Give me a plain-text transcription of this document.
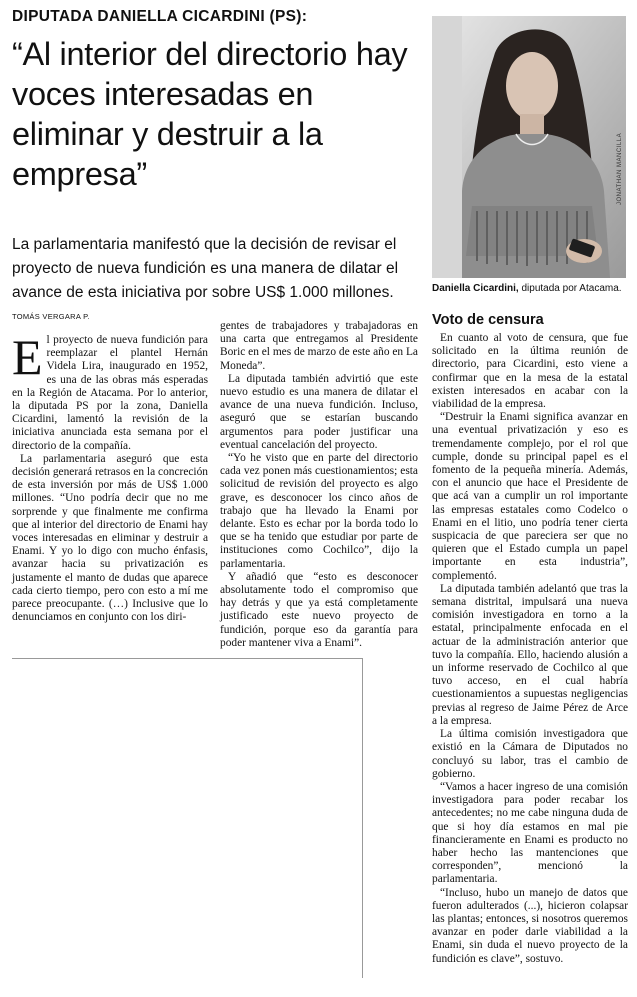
DIPUTADA DANIELLA CICARDINI (PS):
“Al interior del directorio hay voces interesadas en eliminar y destruir a la empresa”
La parlamentaria manifestó que la decisión de revisar el proyecto de nueva fundición es una manera de dilatar el avance de esta iniciativa por sobre US$ 1.000 millones.
TOMÁS VERGARA P.
JONATHAN MANCILLA
Daniella Cicardini, diputada por Atacama.

El proyecto de nueva fundición para reemplazar el plantel Hernán Videla Lira, inaugurado en 1952, es una de las obras más esperadas en la Región de Atacama. Por lo anterior, la diputada PS por la zona, Daniella Cicardini, lamentó la revisión de la iniciativa anunciada esta semana por el directorio de la compañía.

La parlamentaria aseguró que esta decisión generará retrasos en la concreción de esta inversión por más de US$ 1.000 millones. “Uno podría decir que no me sorprende y que finalmente me confirma que al interior del directorio de Enami hay voces interesadas en eliminar y destruir a Enami. Y yo lo digo con mucho énfasis, avanzar hacia su privatización es justamente el manto de dudas que aparece cada cierto tiempo, pero con esto a mí me parece preocupante. (…) Inclusive que lo denunciamos en conjunto con los diri-

gentes de trabajadores y trabajadoras en una carta que entregamos al Presidente Boric en el mes de marzo de este año en La Moneda”.

La diputada también advirtió que este nuevo estudio es una manera de dilatar el avance de una nueva fundición. Incluso, aseguró que se estarían buscando argumentos para poder justificar una eventual cancelación del proyecto.

“Yo he visto que en parte del directorio cada vez ponen más cuestionamientos; esta solicitud de revisión del proyecto es algo grave, es desconocer los cinco años de trabajo que ha llevado la Enami por delante. Esto es echar por la borda todo lo que se ha tenido que estudiar por parte de instituciones como Cochilco”, dijo la parlamentaria.

Y añadió que “esto es desconocer absolutamente todo el compromiso que hay detrás y que ya está completamente justificado este nuevo proyecto de fundición, porque eso da garantía para poder mantener viva a Enami”.

Voto de censura

En cuanto al voto de censura, que fue solicitado en la última reunión de directorio, para Cicardini, esto viene a confirmar que en la mesa de la estatal existen interesados en acabar con la viabilidad de la empresa.

“Destruir la Enami significa avanzar en una eventual privatización y eso es tremendamente complejo, por el rol que cumple, donde su principal papel es el fomento de la pequeña minería. Además, con el anuncio que hace el Presidente de que acá van a cumplir un rol importante las empresas estatales como Codelco o Enami en el litio, uno podría tener cierta suspicacia de que pareciera ser que no quieren que el Estado cumpla un papel importante en esta industria”, complementó.

La diputada también adelantó que tras la semana distrital, impulsará una nueva comisión investigadora en torno a la estatal, principalmente enfocada en el actuar de la administración anterior que tuvo la compañía. Ello, haciendo alusión a un informe reservado de Cochilco al que tuvo acceso, en el cual habría cuestionamientos a supuestas negligencias previas al regreso de Jaime Pérez de Arce a la empresa.

La última comisión investigadora que existió en la Cámara de Diputados no concluyó su labor, tras el cambio de gobierno.

“Vamos a hacer ingreso de una comisión investigadora para poder recabar los antecedentes; no me cabe ninguna duda de que si hoy día estamos en mal pie financieramente en Enami es producto no haber hecho las mantenciones que corresponden”, mencionó la parlamentaria.

“Incluso, hubo un manejo de datos que fueron adulterados (...), hicieron colapsar las plantas; entonces, si nosotros queremos avanzar en poder darle viabilidad a la Enami, sin duda el nuevo proyecto de la fundición es clave”, sostuvo.
